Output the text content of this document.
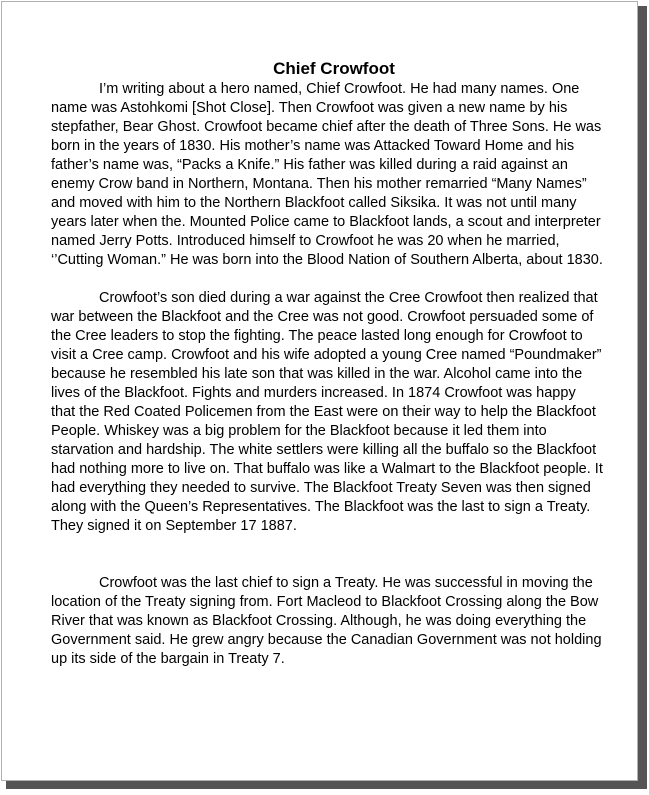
Chief Crowfoot

I’m writing about a hero named, Chief Crowfoot. He had many names. One name was Astohkomi [Shot Close]. Then Crowfoot was given a new name by his stepfather, Bear Ghost. Crowfoot became chief after the death of Three Sons. He was born in the years of 1830. His mother’s name was Attacked Toward Home and his father’s name was, “Packs a Knife.” His father was killed during a raid against an enemy Crow band in Northern, Montana. Then his mother remarried “Many Names” and moved with him to the Northern Blackfoot called Siksika. It was not until many years later when the. Mounted Police came to Blackfoot lands, a scout and interpreter named Jerry Potts. Introduced himself to Crowfoot he was 20 when he married, ‘’Cutting Woman.” He was born into the Blood Nation of Southern Alberta, about 1830.

Crowfoot’s son died during a war against the Cree Crowfoot then realized that war between the Blackfoot and the Cree was not good. Crowfoot persuaded some of the Cree leaders to stop the fighting. The peace lasted long enough for Crowfoot to visit a Cree camp. Crowfoot and his wife adopted a young Cree named “Poundmaker” because he resembled his late son that was killed in the war. Alcohol came into the lives of the Blackfoot. Fights and murders increased. In 1874 Crowfoot was happy that the Red Coated Policemen from the East were on their way to help the Blackfoot People. Whiskey was a big problem for the Blackfoot because it led them into starvation and hardship. The white settlers were killing all the buffalo so the Blackfoot had nothing more to live on. That buffalo was like a Walmart to the Blackfoot people. It had everything they needed to survive. The Blackfoot Treaty Seven was then signed along with the Queen’s Representatives. The Blackfoot was the last to sign a Treaty. They signed it on September 17 1887.

Crowfoot was the last chief to sign a Treaty. He was successful in moving the location of the Treaty signing from. Fort Macleod to Blackfoot Crossing along the Bow River that was known as Blackfoot Crossing. Although, he was doing everything the Government said. He grew angry because the Canadian Government was not holding up its side of the bargain in Treaty 7.
